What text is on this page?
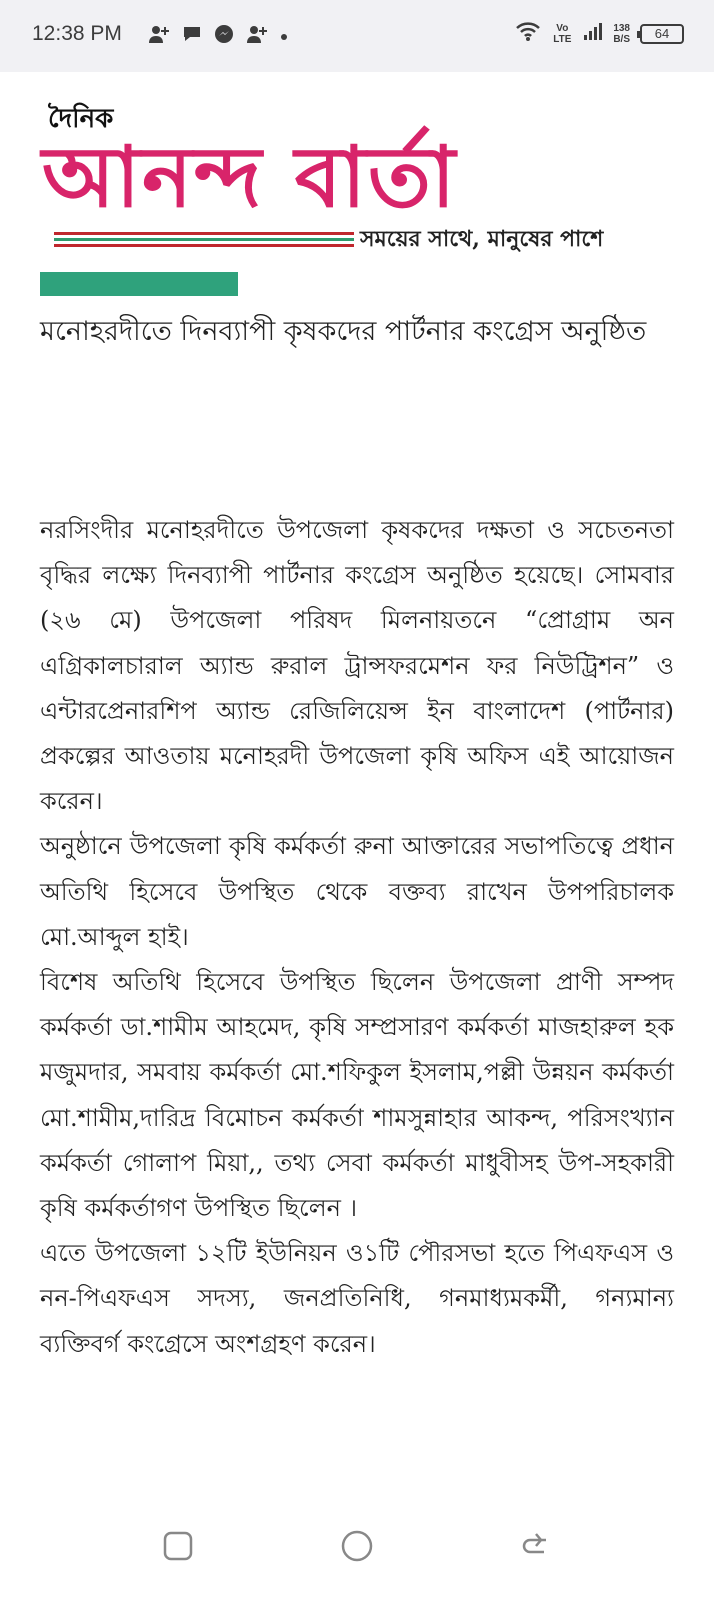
12:38 PM	Vo LTE
138
B/S	64
আনন্দ বার্তা
দৈনিক
সময়ের সাথে, মানুষের পাশে
মনোহরদীতে দিনব্যাপী কৃষকদের পার্টনার কংগ্রেস অনুষ্ঠিত

নরসিংদীর মনোহরদীতে উপজেলা কৃষকদের দক্ষতা ও সচেতনতা বৃদ্ধির লক্ষ্যে দিনব্যাপী পার্টনার কংগ্রেস অনুষ্ঠিত হয়েছে। সোমবার (২৬ মে) উপজেলা পরিষদ মিলনায়তনে “প্রোগ্রাম অন এগ্রিকালচারাল অ্যান্ড রুরাল ট্রান্সফরমেশন ফর নিউট্রিশন” ও এন্টারপ্রেনারশিপ অ্যান্ড রেজিলিয়েন্স ইন বাংলাদেশ (পার্টনার) প্রকল্পের আওতায় মনোহরদী উপজেলা কৃষি অফিস এই আয়োজন করেন।

অনুষ্ঠানে উপজেলা কৃষি কর্মকর্তা রুনা আক্তারের সভাপতিত্বে প্রধান অতিথি হিসেবে উপস্থিত থেকে বক্তব্য রাখেন উপপরিচালক মো.আব্দুল হাই।

বিশেষ অতিথি হিসেবে উপস্থিত ছিলেন উপজেলা প্রাণী সম্পদ কর্মকর্তা ডা.শামীম আহমেদ, কৃষি সম্প্রসারণ কর্মকর্তা মাজহারুল হক মজুমদার, সমবায় কর্মকর্তা মো.শফিকুল ইসলাম,পল্লী উন্নয়ন কর্মকর্তা মো.শামীম,দারিদ্র বিমোচন কর্মকর্তা শামসুন্নাহার আকন্দ, পরিসংখ্যান কর্মকর্তা গোলাপ মিয়া,, তথ্য সেবা কর্মকর্তা মাধুবীসহ উপ-সহকারী কৃষি কর্মকর্তাগণ উপস্থিত ছিলেন ।

এতে উপজেলা ১২টি ইউনিয়ন ও১টি পৌরসভা হতে পিএফএস ও নন-পিএফএস সদস্য, জনপ্রতিনিধি, গনমাধ্যমকর্মী, গন্যমান্য ব্যক্তিবর্গ কংগ্রেসে অংশগ্রহণ করেন।
